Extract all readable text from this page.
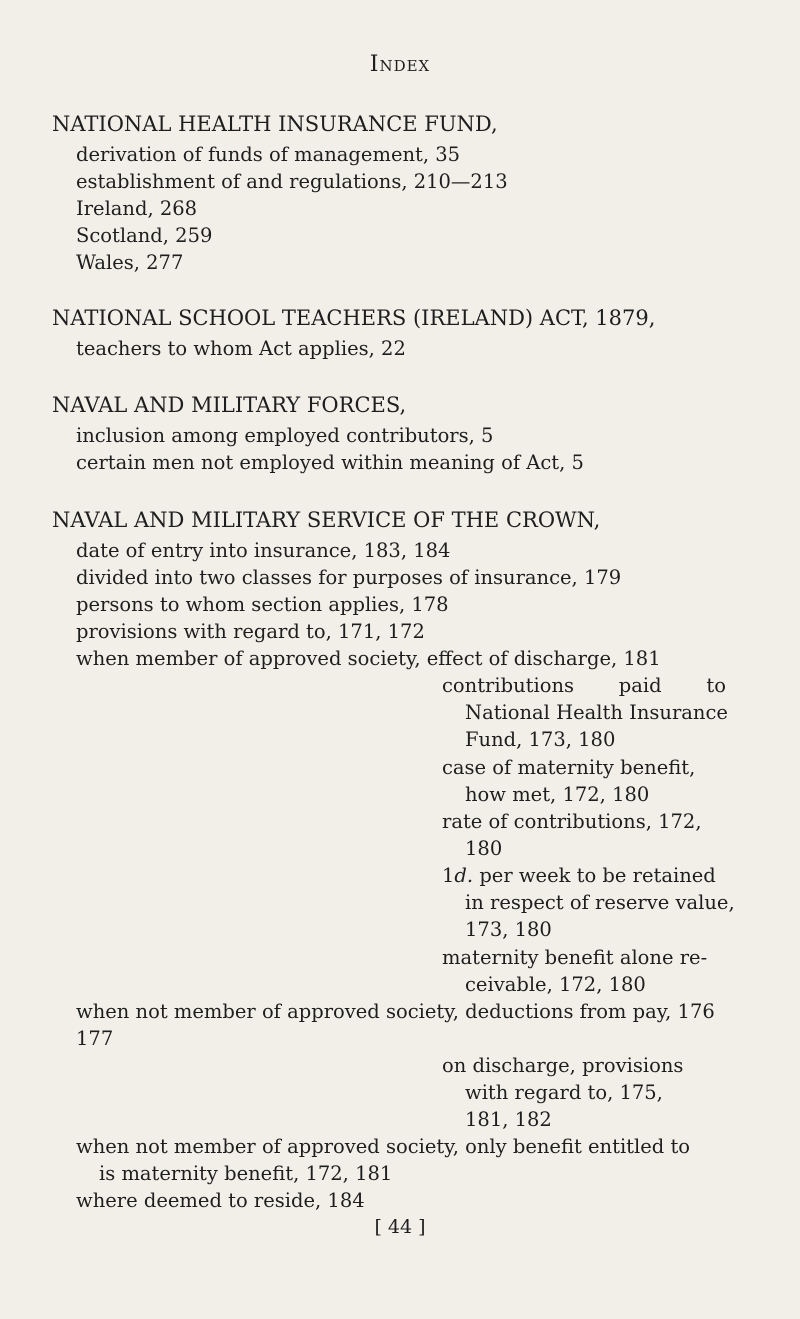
Index
NATIONAL HEALTH INSURANCE FUND,
derivation of funds of management, 35
establishment of and regulations, 210—213
Ireland, 268
Scotland, 259
Wales, 277
NATIONAL SCHOOL TEACHERS (IRELAND) ACT, 1879,
teachers to whom Act applies, 22
NAVAL AND MILITARY FORCES,
inclusion among employed contributors, 5
certain men not employed within meaning of Act, 5
NAVAL AND MILITARY SERVICE OF THE CROWN,
date of entry into insurance, 183, 184
divided into two classes for purposes of insurance, 179
persons to whom section applies, 178
provisions with regard to, 171, 172
when member of approved society, effect of discharge, 181
contributions paid to
National Health Insurance
Fund, 173, 180
case of maternity benefit,
how met, 172, 180
rate of contributions, 172,
180
1d. per week to be retained
in respect of reserve value,
173, 180
maternity benefit alone re-
ceivable, 172, 180
when not member of approved society, deductions from pay, 176
177
on discharge, provisions
with regard to, 175,
181, 182
when not member of approved society, only benefit entitled to
is maternity benefit, 172, 181
where deemed to reside, 184
[ 44 ]
